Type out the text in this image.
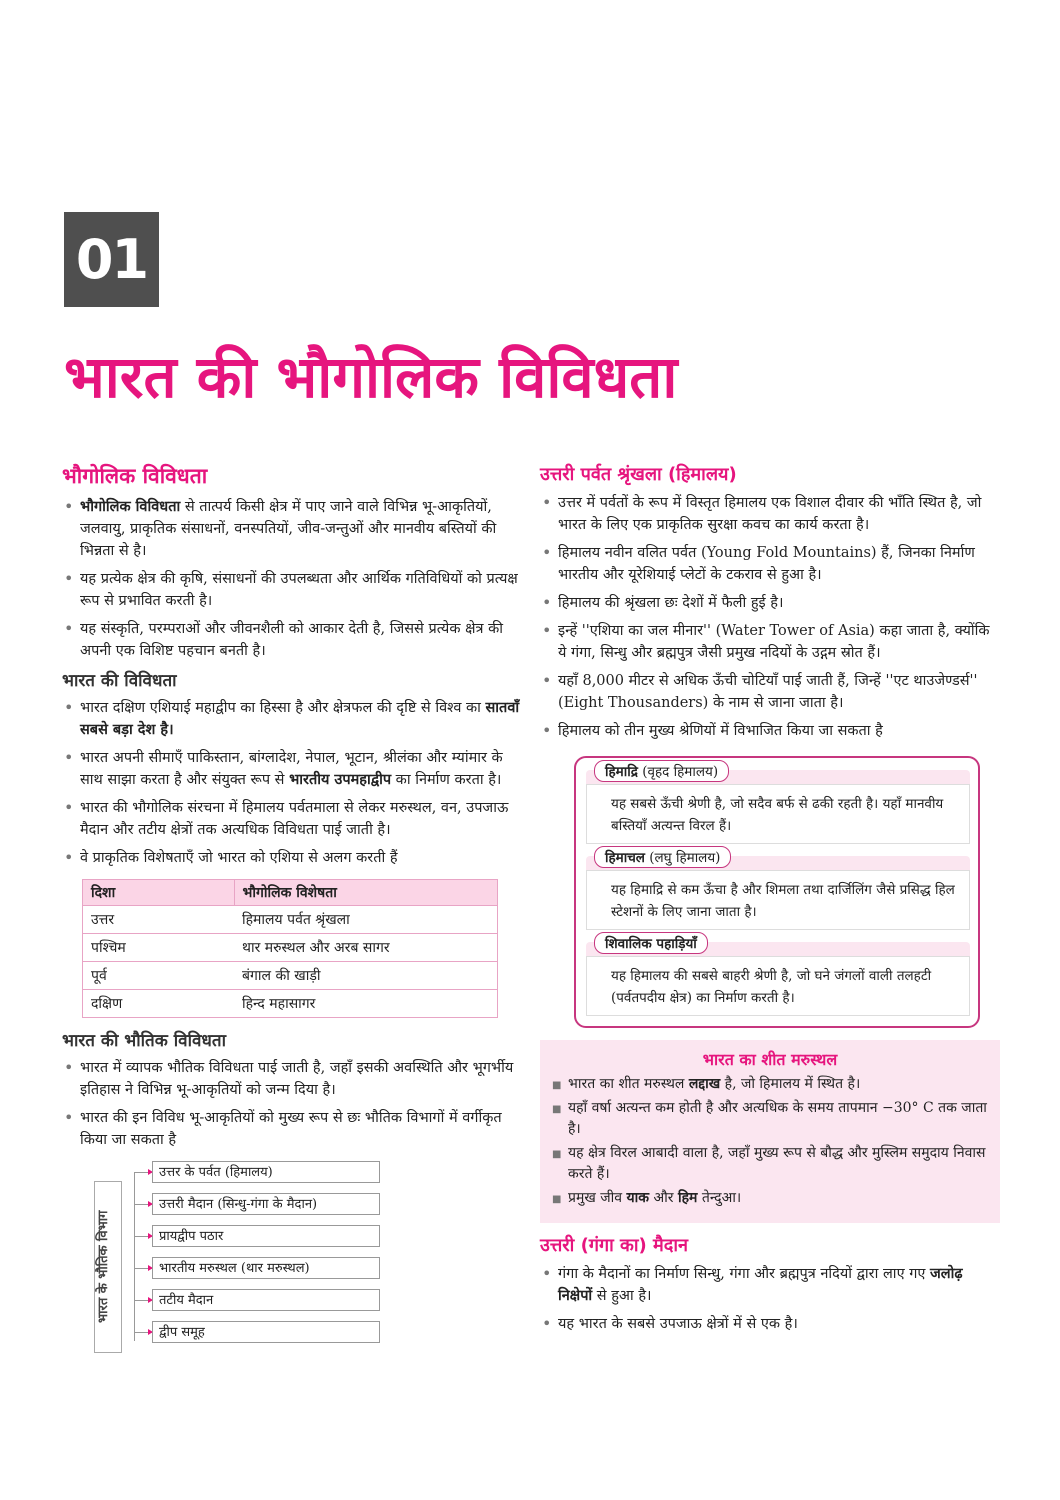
01
भारत की भौगोलिक विविधता
भौगोलिक विविधता
• भौगोलिक विविधता से तात्पर्य किसी क्षेत्र में पाए जाने वाले विभिन्न भू-आकृतियों, जलवायु, प्राकृतिक संसाधनों, वनस्पतियों, जीव-जन्तुओं और मानवीय बस्तियों की भिन्नता से है।
• यह प्रत्येक क्षेत्र की कृषि, संसाधनों की उपलब्धता और आर्थिक गतिविधियों को प्रत्यक्ष रूप से प्रभावित करती है।
• यह संस्कृति, परम्पराओं और जीवनशैली को आकार देती है, जिससे प्रत्येक क्षेत्र की अपनी एक विशिष्ट पहचान बनती है।
भारत की विविधता
• भारत दक्षिण एशियाई महाद्वीप का हिस्सा है और क्षेत्रफल की दृष्टि से विश्व का सातवाँ सबसे बड़ा देश है।
• भारत अपनी सीमाएँ पाकिस्तान, बांग्लादेश, नेपाल, भूटान, श्रीलंका और म्यांमार के साथ साझा करता है और संयुक्त रूप से भारतीय उपमहाद्वीप का निर्माण करता है।
• भारत की भौगोलिक संरचना में हिमालय पर्वतमाला से लेकर मरुस्थल, वन, उपजाऊ मैदान और तटीय क्षेत्रों तक अत्यधिक विविधता पाई जाती है।
• वे प्राकृतिक विशेषताएँ जो भारत को एशिया से अलग करती हैं
दिशा	भौगोलिक विशेषता
उत्तर	हिमालय पर्वत श्रृंखला
पश्चिम	थार मरुस्थल और अरब सागर
पूर्व	बंगाल की खाड़ी
दक्षिण	हिन्द महासागर
भारत की भौतिक विविधता
• भारत में व्यापक भौतिक विविधता पाई जाती है, जहाँ इसकी अवस्थिति और भूगर्भीय इतिहास ने विभिन्न भू-आकृतियों को जन्म दिया है।
• भारत की इन विविध भू-आकृतियों को मुख्य रूप से छः भौतिक विभागों में वर्गीकृत किया जा सकता है
भारत के भौतिक विभाग
उत्तर के पर्वत (हिमालय)
उत्तरी मैदान (सिन्धु-गंगा के मैदान)
प्रायद्वीप पठार
भारतीय मरुस्थल (थार मरुस्थल)
तटीय मैदान
द्वीप समूह
उत्तरी पर्वत श्रृंखला (हिमालय)
• उत्तर में पर्वतों के रूप में विस्तृत हिमालय एक विशाल दीवार की भाँति स्थित है, जो भारत के लिए एक प्राकृतिक सुरक्षा कवच का कार्य करता है।
• हिमालय नवीन वलित पर्वत (Young Fold Mountains) हैं, जिनका निर्माण भारतीय और यूरेशियाई प्लेटों के टकराव से हुआ है।
• हिमालय की श्रृंखला छः देशों में फैली हुई है।
• इन्हें ''एशिया का जल मीनार'' (Water Tower of Asia) कहा जाता है, क्योंकि ये गंगा, सिन्धु और ब्रह्मपुत्र जैसी प्रमुख नदियों के उद्गम स्रोत हैं।
• यहाँ 8,000 मीटर से अधिक ऊँची चोटियाँ पाई जाती हैं, जिन्हें ''एट थाउजेण्डर्स'' (Eight Thousanders) के नाम से जाना जाता है।
• हिमालय को तीन मुख्य श्रेणियों में विभाजित किया जा सकता है
हिमाद्रि (वृहद हिमालय)

यह सबसे ऊँची श्रेणी है, जो सदैव बर्फ से ढकी रहती है। यहाँ मानवीय बस्तियाँ अत्यन्त विरल हैं।

हिमाचल (लघु हिमालय)

यह हिमाद्रि से कम ऊँचा है और शिमला तथा दार्जिलिंग जैसे प्रसिद्ध हिल स्टेशनों के लिए जाना जाता है।

शिवालिक पहाड़ियाँ

यह हिमालय की सबसे बाहरी श्रेणी है, जो घने जंगलों वाली तलहटी (पर्वतपदीय क्षेत्र) का निर्माण करती है।

भारत का शीत मरुस्थल
■ भारत का शीत मरुस्थल लद्दाख है, जो हिमालय में स्थित है।
■ यहाँ वर्षा अत्यन्त कम होती है और अत्यधिक के समय तापमान −30° C तक जाता है।
■ यह क्षेत्र विरल आबादी वाला है, जहाँ मुख्य रूप से बौद्ध और मुस्लिम समुदाय निवास करते हैं।
■ प्रमुख जीव याक और हिम तेन्दुआ।
उत्तरी (गंगा का) मैदान
• गंगा के मैदानों का निर्माण सिन्धु, गंगा और ब्रह्मपुत्र नदियों द्वारा लाए गए जलोढ़ निक्षेपों से हुआ है।
• यह भारत के सबसे उपजाऊ क्षेत्रों में से एक है।
